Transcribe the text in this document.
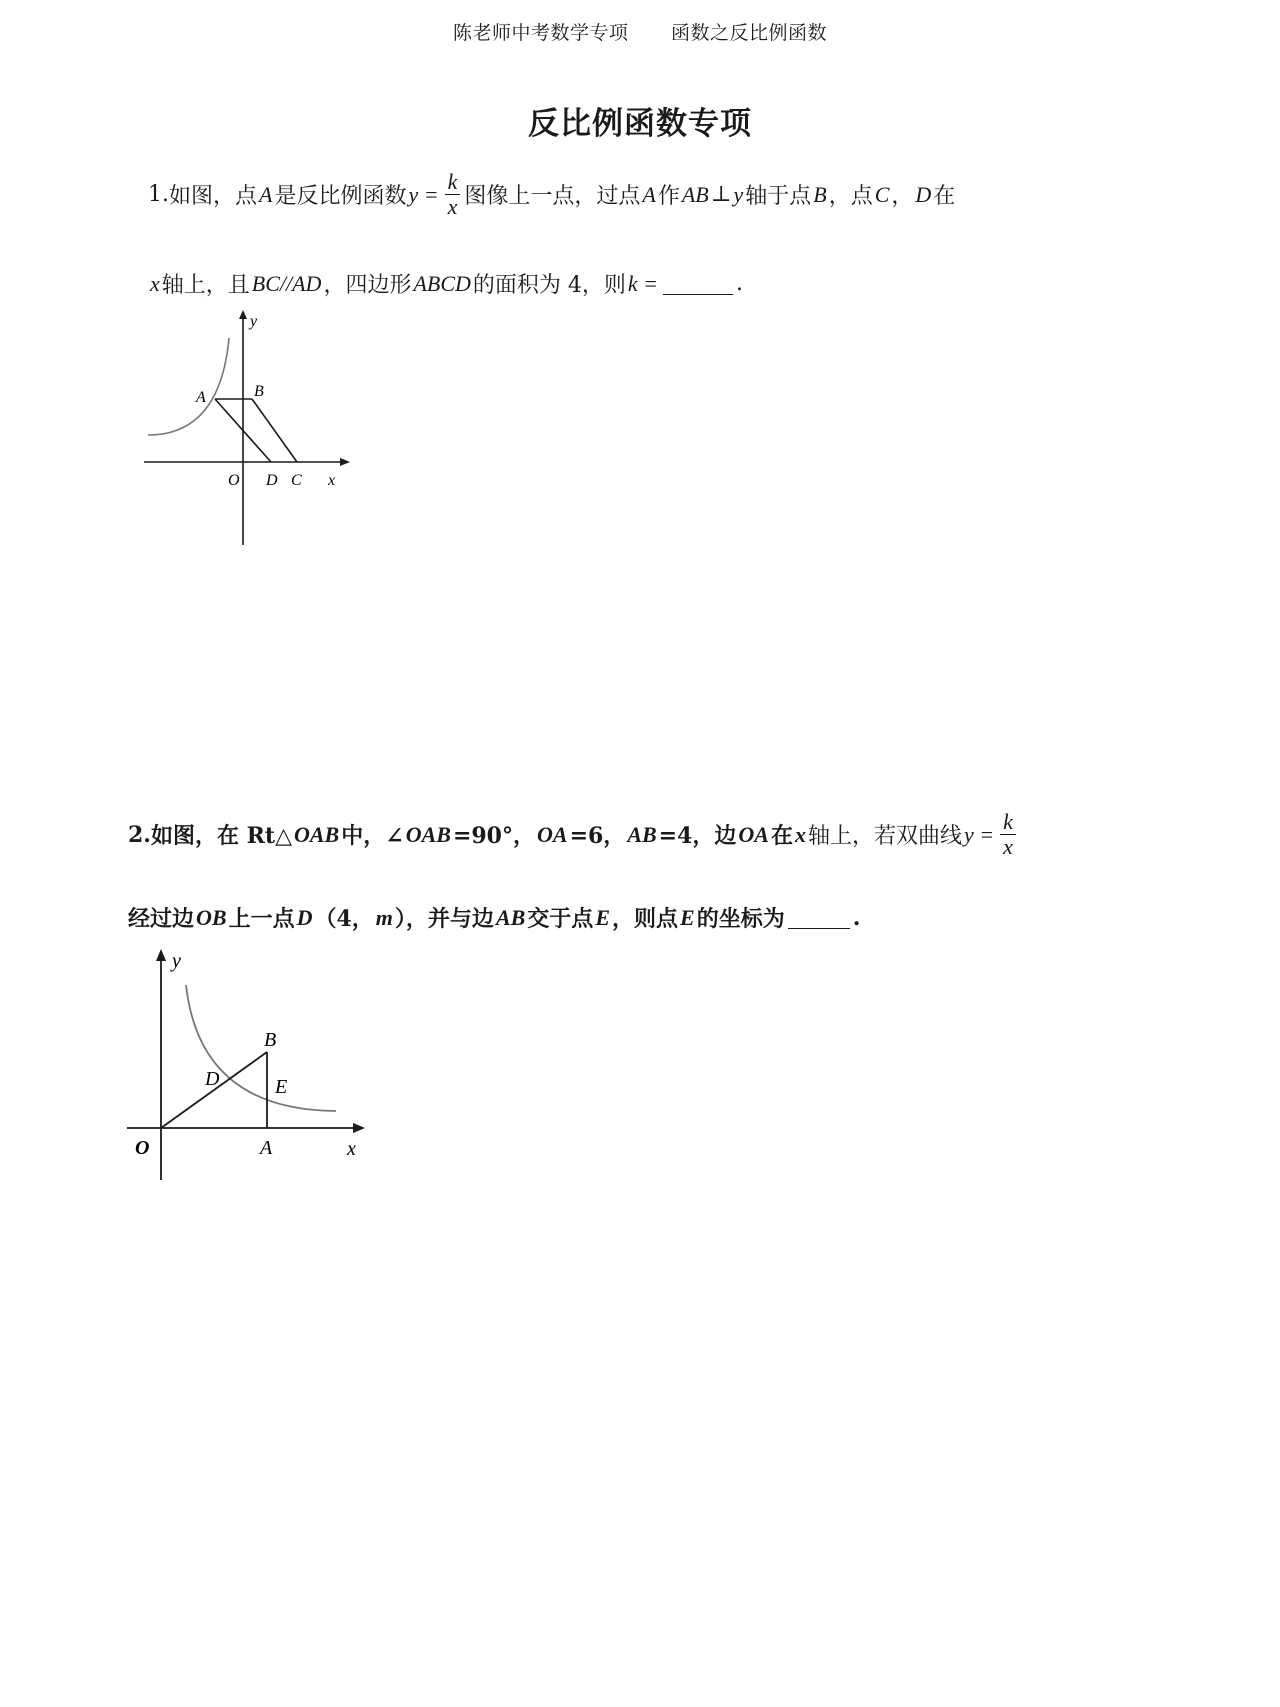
陈老师中考数学专项 函数之反比例函数
反比例函数专项
1. 如图，点 A 是反比例函数 $y = \frac{k}{x}$ 图像上一点，过点 A 作 AB ⊥ y 轴于点 B ，点 C ， D 在
x 轴上，且 BC//AD ，四边形 ABCD 的面积为 4，则 k =	.
y
A	B
O D C x
2. 如图，在 Rt△ OAB 中，∠ OAB =90°， OA =6， AB =4，边 OA 在 x 轴上，若双曲线 $y = \frac{k}{x}$
经过边 OB 上一点 D （4， m ），并与边 AB 交于点 E ，则点 E 的坐标为	.
y
B
D	E
O	A	x
